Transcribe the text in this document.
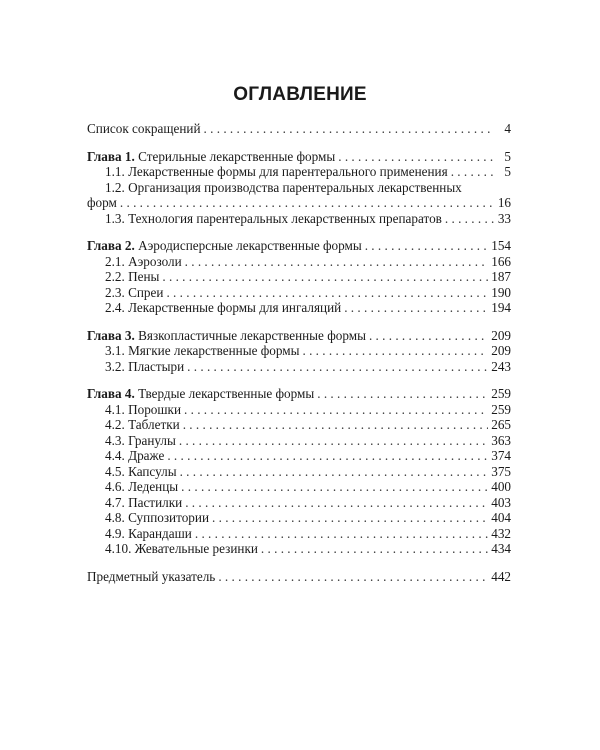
ОГЛАВЛЕНИЕ
Список сокращений . . .	4
Глава 1. Стерильные лекарственные формы . . .	5
1.1. Лекарственные формы для парентерального применения . . .	5
1.2. Организация производства парентеральных лекарственных
форм . . .	16
1.3. Технология парентеральных лекарственных препаратов . . .	33
Глава 2. Аэродисперсные лекарственные формы . . .	154
2.1. Аэрозоли . . .	166
2.2. Пены . . .	187
2.3. Спреи . . .	190
2.4. Лекарственные формы для ингаляций . . .	194
Глава 3. Вязкопластичные лекарственные формы . . .	209
3.1. Мягкие лекарственные формы . . .	209
3.2. Пластыри . . .	243
Глава 4. Твердые лекарственные формы . . .	259
4.1. Порошки . . .	259
4.2. Таблетки . . .	265
4.3. Гранулы . . .	363
4.4. Драже . . .	374
4.5. Капсулы . . .	375
4.6. Леденцы . . .	400
4.7. Пастилки . . .	403
4.8. Суппозитории . . .	404
4.9. Карандаши . . .	432
4.10. Жевательные резинки . . .	434
Предметный указатель . . .	442
